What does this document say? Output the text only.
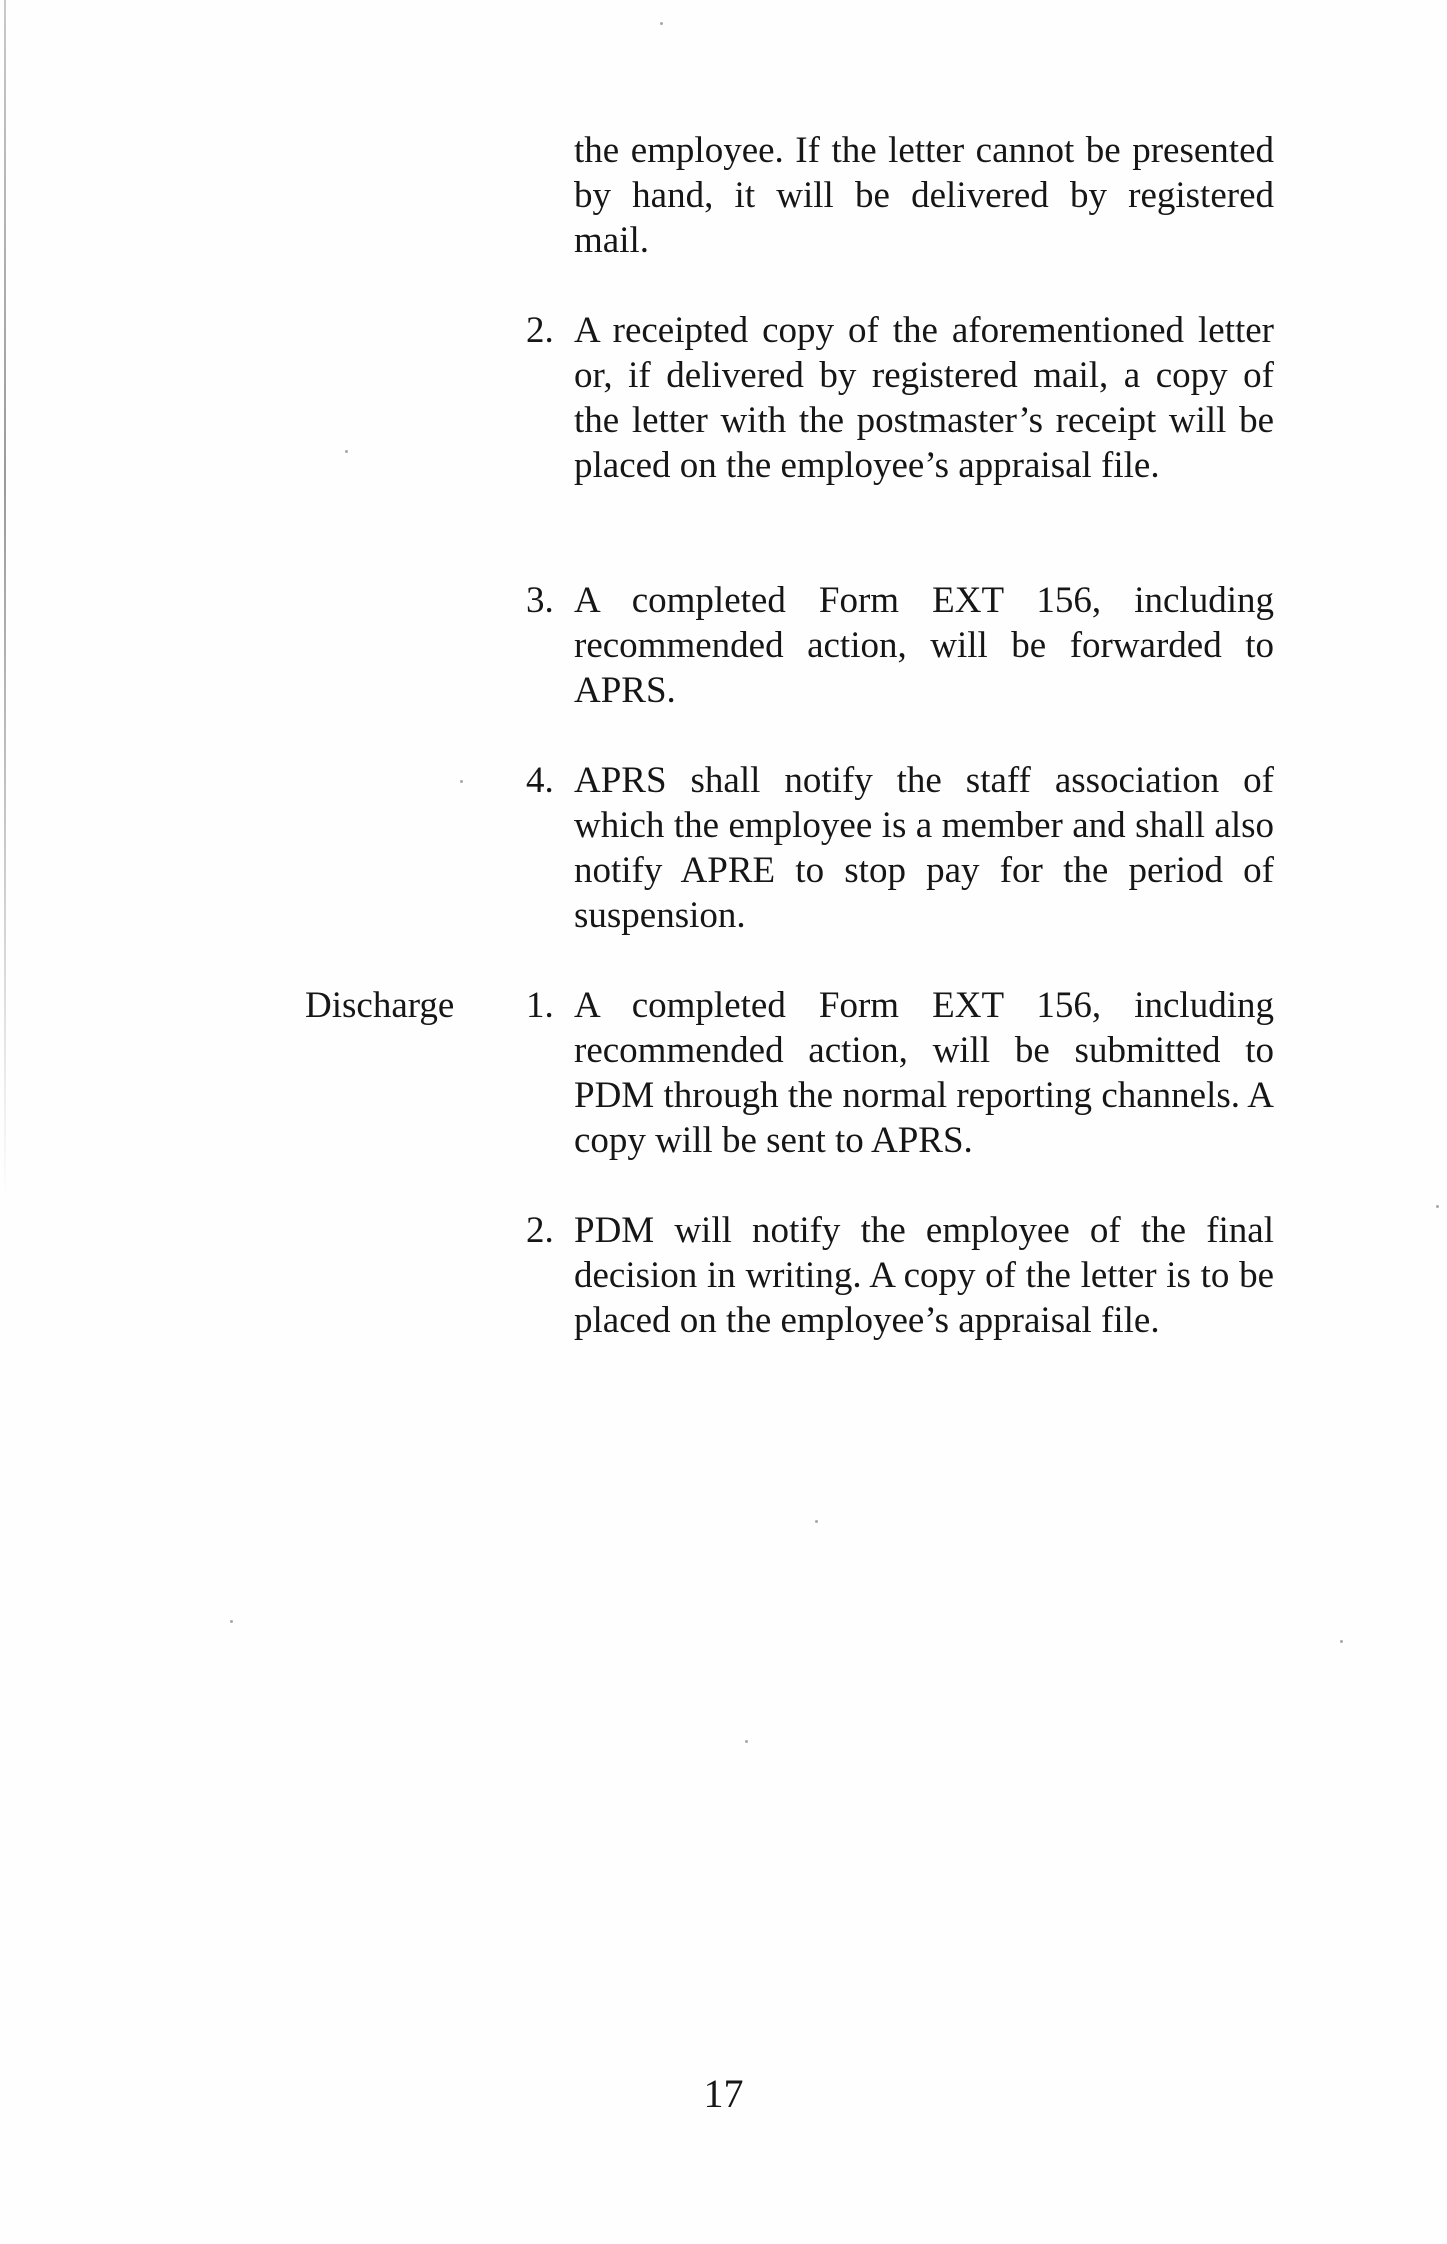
the employee. If the letter cannot be presented by hand, it will be delivered by registered mail.
2. A receipted copy of the aforementioned letter or, if delivered by registered mail, a copy of the letter with the postmaster’s receipt will be placed on the employee’s appraisal file.
3. A completed Form EXT 156, including recommended action, will be forwarded to APRS.
4. APRS shall notify the staff association of which the employee is a member and shall also notify APRE to stop pay for the period of suspension.
Discharge 1. A completed Form EXT 156, including recommended action, will be submitted to PDM through the normal reporting channels. A copy will be sent to APRS.
2. PDM will notify the employee of the final decision in writing. A copy of the letter is to be placed on the employee’s appraisal file.
17
